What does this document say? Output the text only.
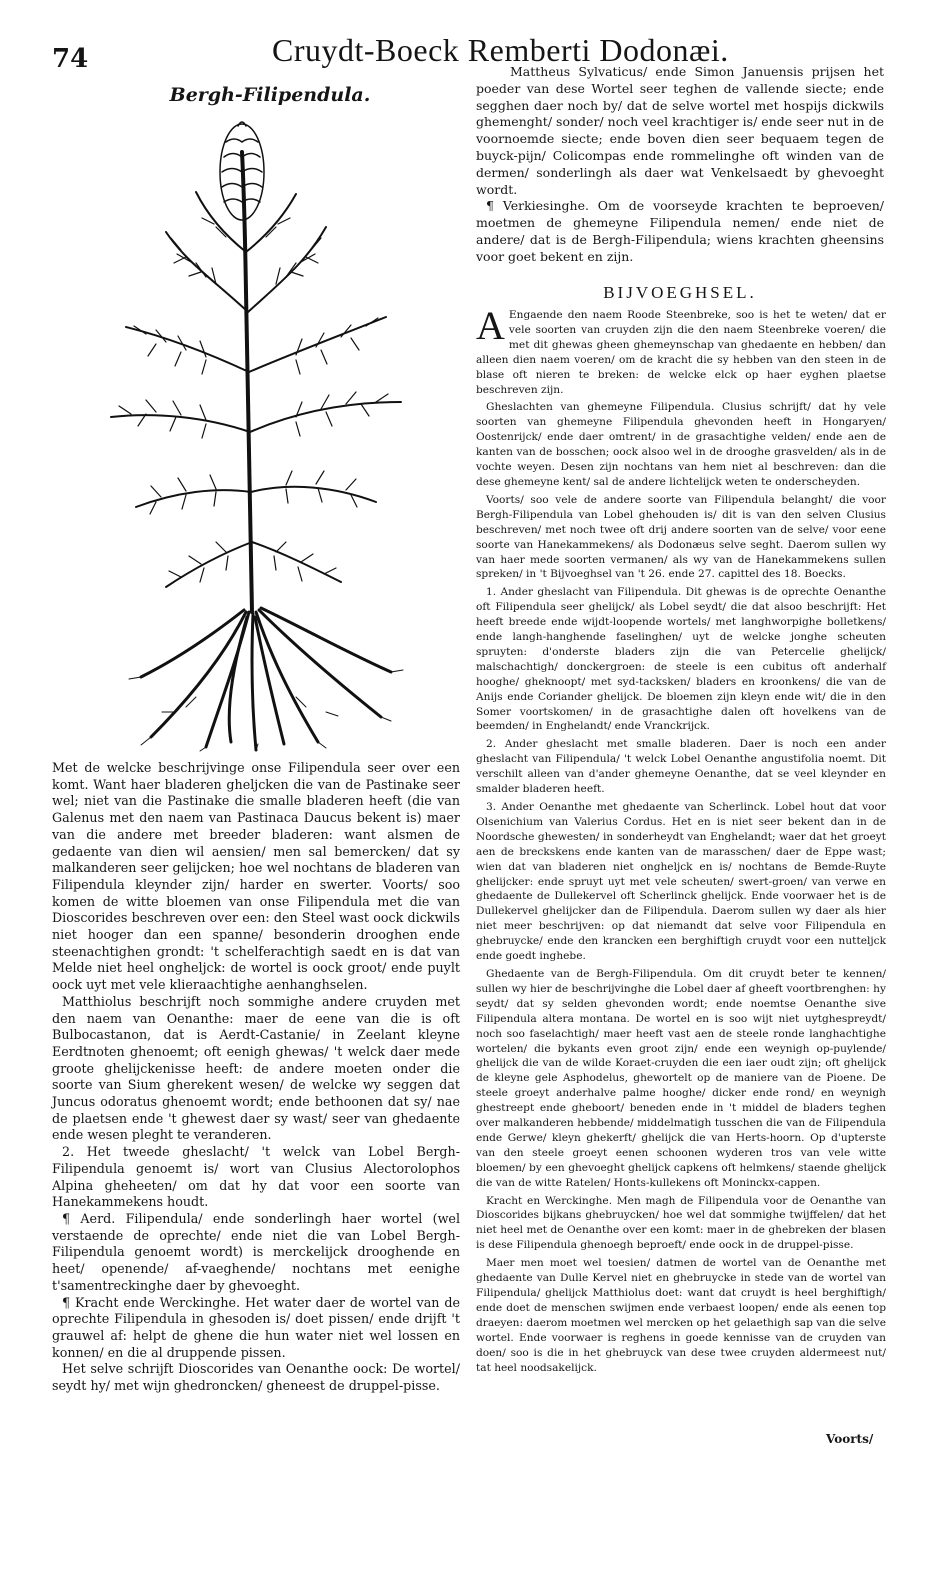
74	Cruydt-Boeck Remberti Dodonæi.
Bergh-Filipendula.

Met de welcke beschrijvinge onse Filipendula seer over een komt. Want haer bladeren gheljcken die van de Pastinake seer wel; niet van die Pastinake die smalle bladeren heeft (die van Galenus met den naem van Pastinaca Daucus bekent is) maer van die andere met breeder bladeren: want alsmen de gedaente van dien wil aensien/ men sal bemercken/ dat sy malkanderen seer gelijcken; hoe wel nochtans de bladeren van Filipendula kleynder zijn/ harder en swerter. Voorts/ soo komen de witte bloemen van onse Filipendula met die van Dioscorides beschreven over een: den Steel wast oock dickwils niet hooger dan een spanne/ besonderin drooghen ende steenachtighen grondt: 't schelferachtigh saedt en is dat van Melde niet heel ongheljck: de wortel is oock groot/ ende puylt oock uyt met vele klieraachtighe aenhanghselen.

Matthiolus beschrijft noch sommighe andere cruyden met den naem van Oenanthe: maer de eene van die is oft Bulbocastanon, dat is Aerdt-Castanie/ in Zeelant kleyne Eerdtnoten ghenoemt; oft eenigh ghewas/ 't welck daer mede groote ghelijckenisse heeft: de andere moeten onder die soorte van Sium gherekent wesen/ de welcke wy seggen dat Juncus odoratus ghenoemt wordt; ende bethoonen dat sy/ nae de plaetsen ende 't ghewest daer sy wast/ seer van ghedaente ende wesen pleght te veranderen.

2. Het tweede gheslacht/ 't welck van Lobel Bergh-Filipendula genoemt is/ wort van Clusius Alectorolophos Alpina gheheeten/ om dat hy dat voor een soorte van Hanekammekens houdt.

¶ Aerd. Filipendula/ ende sonderlingh haer wortel (wel verstaende de oprechte/ ende niet die van Lobel Bergh-Filipendula genoemt wordt) is merckelijck drooghende en heet/ openende/ af-vaeghende/ nochtans met eenighe t'samentreckinghe daer by ghevoeght.

¶ Kracht ende Werckinghe. Het water daer de wortel van de oprechte Filipendula in ghesoden is/ doet pissen/ ende drijft 't grauwel af: helpt de ghene die hun water niet wel lossen en konnen/ en die al druppende pissen.

Het selve schrijft Dioscorides van Oenanthe oock: De wortel/ seydt hy/ met wijn ghedroncken/ gheneest de druppel-pisse.

Mattheus Sylvaticus/ ende Simon Januensis prijsen het poeder van dese Wortel seer teghen de vallende siecte; ende segghen daer noch by/ dat de selve wortel met hospijs dickwils ghemenght/ sonder/ noch veel krachtiger is/ ende seer nut in de voornoemde siecte; ende boven dien seer bequaem tegen de buyck-pijn/ Colicompas ende rommelinghe oft winden van de dermen/ sonderlingh als daer wat Venkelsaedt by ghevoeght wordt.

¶ Verkiesinghe. Om de voorseyde krachten te beproeven/ moetmen de ghemeyne Filipendula nemen/ ende niet de andere/ dat is de Bergh-Filipendula; wiens krachten gheensins voor goet bekent en zijn.

BIJVOEGHSEL.

A Engaende den naem Roode Steenbreke, soo is het te weten/ dat er vele soorten van cruyden zijn die den naem Steenbreke voeren/ die met dit ghewas gheen ghemeynschap van ghedaente en hebben/ dan alleen dien naem voeren/ om de kracht die sy hebben van den steen in de blase oft nieren te breken: de welcke elck op haer eyghen plaetse beschreven zijn.

Gheslachten van ghemeyne Filipendula. Clusius schrijft/ dat hy vele soorten van ghemeyne Filipendula ghevonden heeft in Hongaryen/ Oostenrijck/ ende daer omtrent/ in de grasachtighe velden/ ende aen de kanten van de bosschen; oock alsoo wel in de drooghe grasvelden/ als in de vochte weyen. Desen zijn nochtans van hem niet al beschreven: dan die dese ghemeyne kent/ sal de andere lichtelijck weten te onderscheyden.

Voorts/ soo vele de andere soorte van Filipendula belanght/ die voor Bergh-Filipendula van Lobel ghehouden is/ dit is van den selven Clusius beschreven/ met noch twee oft drij andere soorten van de selve/ voor eene soorte van Hanekammekens/ als Dodonæus selve seght. Daerom sullen wy van haer mede soorten vermanen/ als wy van de Hanekammekens sullen spreken/ in 't Bijvoeghsel van 't 26. ende 27. capittel des 18. Boecks.

1. Ander gheslacht van Filipendula. Dit ghewas is de oprechte Oenanthe oft Filipendula seer ghelijck/ als Lobel seydt/ die dat alsoo beschrijft: Het heeft breede ende wijdt-loopende wortels/ met langhworpighe bolletkens/ ende langh-hanghende faselinghen/ uyt de welcke jonghe scheuten spruyten: d'onderste bladers zijn die van Petercelie ghelijck/ malschachtigh/ donckergroen: de steele is een cubitus oft anderhalf hooghe/ gheknoopt/ met syd-tacksken/ bladers en kroonkens/ die van de Anijs ende Coriander ghelijck. De bloemen zijn kleyn ende wit/ die in den Somer voortskomen/ in de grasachtighe dalen oft hovelkens van de beemden/ in Enghelandt/ ende Vranckrijck.

2. Ander gheslacht met smalle bladeren. Daer is noch een ander gheslacht van Filipendula/ 't welck Lobel Oenanthe angustifolia noemt. Dit verschilt alleen van d'ander ghemeyne Oenanthe, dat se veel kleynder en smalder bladeren heeft.

3. Ander Oenanthe met ghedaente van Scherlinck. Lobel hout dat voor Olsenichium van Valerius Cordus. Het en is niet seer bekent dan in de Noordsche ghewesten/ in sonderheydt van Enghelandt; waer dat het groeyt aen de breckskens ende kanten van de marasschen/ daer de Eppe wast; wien dat van bladeren niet ongheljck en is/ nochtans de Bemde-Ruyte ghelijcker: ende spruyt uyt met vele scheuten/ swert-groen/ van verwe en ghedaente de Dullekervel oft Scherlinck ghelijck. Ende voorwaer het is de Dullekervel ghelijcker dan de Filipendula. Daerom sullen wy daer als hier niet meer beschrijven: op dat niemandt dat selve voor Filipendula en ghebruycke/ ende den krancken een berghiftigh cruydt voor een nutteljck ende goedt inghebe.

Ghedaente van de Bergh-Filipendula. Om dit cruydt beter te kennen/ sullen wy hier de beschrijvinghe die Lobel daer af gheeft voortbrenghen: hy seydt/ dat sy selden ghevonden wordt; ende noemtse Oenanthe sive Filipendula altera montana. De wortel en is soo wijt niet uytghespreydt/ noch soo faselachtigh/ maer heeft vast aen de steele ronde langhachtighe wortelen/ die bykants even groot zijn/ ende een weynigh op-puylende/ ghelijck die van de wilde Koraet-cruyden die een iaer oudt zijn; oft ghelijck de kleyne gele Asphodelus, ghewortelt op de maniere van de Pioene. De steele groeyt anderhalve palme hooghe/ dicker ende rond/ en weynigh ghestreept ende gheboort/ beneden ende in 't middel de bladers teghen over malkanderen hebbende/ middelmatigh tusschen die van de Filipendula ende Gerwe/ kleyn ghekerft/ ghelijck die van Herts-hoorn. Op d'upterste van den steele groeyt eenen schoonen wyderen tros van vele witte bloemen/ by een ghevoeght ghelijck capkens oft helmkens/ staende ghelijck die van de witte Ratelen/ Honts-kullekens oft Moninckx-cappen.

Kracht en Werckinghe. Men magh de Filipendula voor de Oenanthe van Dioscorides bijkans ghebruycken/ hoe wel dat sommighe twijffelen/ dat het niet heel met de Oenanthe over een komt: maer in de ghebreken der blasen is dese Filipendula ghenoegh beproeft/ ende oock in de druppel-pisse.

Maer men moet wel toesien/ datmen de wortel van de Oenanthe met ghedaente van Dulle Kervel niet en ghebruycke in stede van de wortel van Filipendula/ ghelijck Matthiolus doet: want dat cruydt is heel berghiftigh/ ende doet de menschen swijmen ende verbaest loopen/ ende als eenen top draeyen: daerom moetmen wel mercken op het gelaethigh sap van die selve wortel. Ende voorwaer is reghens in goede kennisse van de cruyden van doen/ soo is die in het ghebruyck van dese twee cruyden aldermeest nut/ tat heel noodsakelijck.

Voorts/
